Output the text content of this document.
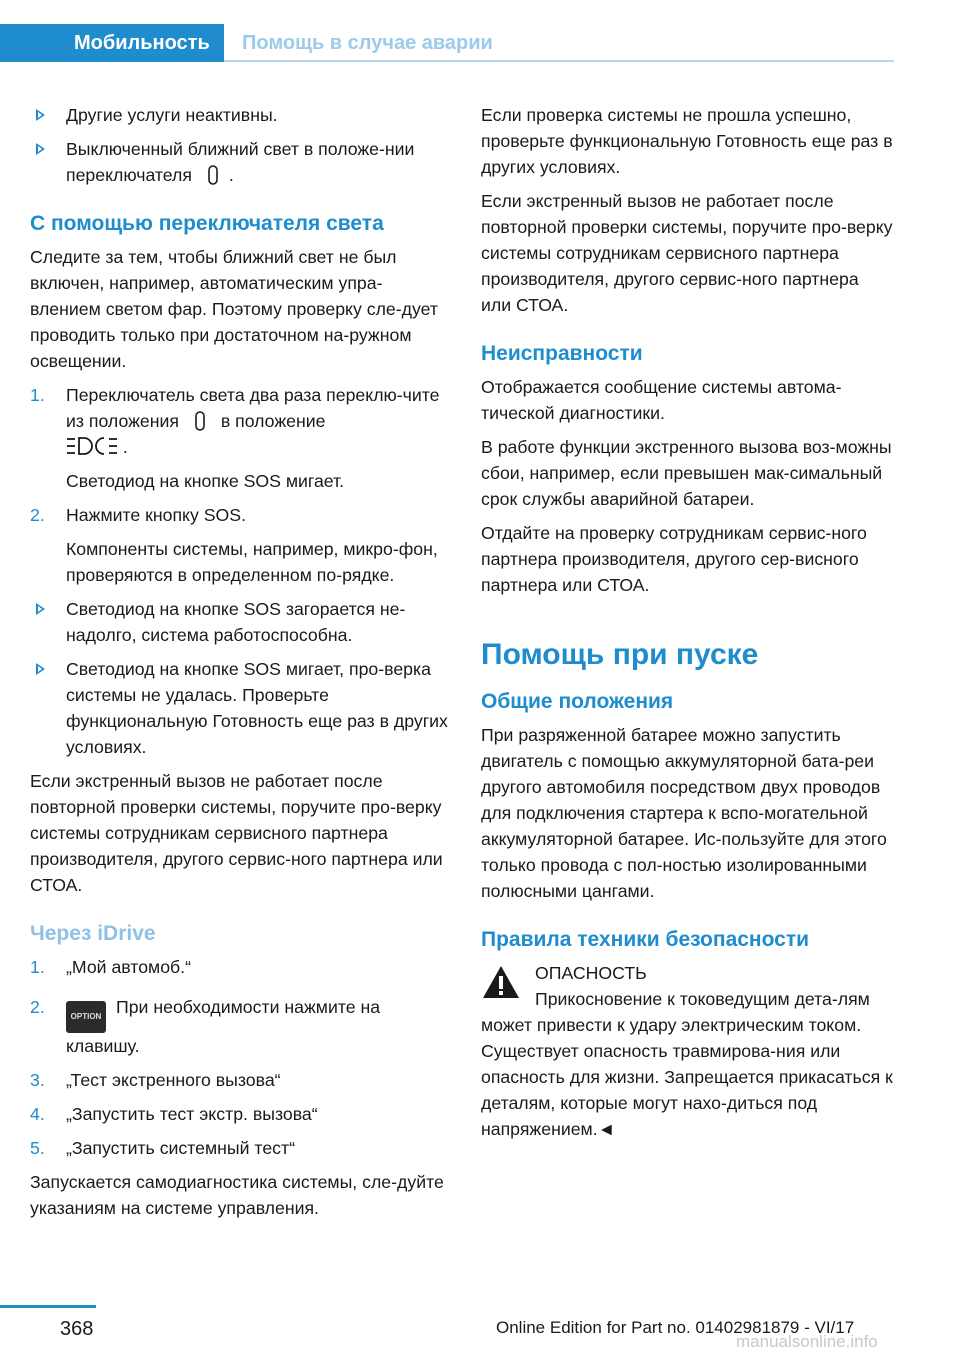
Мобильность	Помощь в случае аварии
Другие услуги неактивны.
Выключенный ближний свет в положе-нии переключателя .
С помощью переключателя света

Следите за тем, чтобы ближний свет не был включен, например, автоматическим упра-влением светом фар. Поэтому проверку сле-дует проводить только при достаточном на-ружном освещении.

1. Переключатель света два раза переклю-чите из положения в положение
.
Светодиод на кнопке SOS мигает.
2. Нажмите кнопку SOS.
Компоненты системы, например, микро-фон, проверяются в определенном по-рядке.
Светодиод на кнопке SOS загорается не-надолго, система работоспособна.
Светодиод на кнопке SOS мигает, про-верка системы не удалась. Проверьте функциональную Готовность еще раз в других условиях.

Если экстренный вызов не работает после повторной проверки системы, поручите про-верку системы сотрудникам сервисного партнера производителя, другого сервис-ного партнера или СТОА.

Через iDrive
1. „Мой автомоб.“
2.	OPTION При необходимости нажмите на клавишу.
3. „Тест экстренного вызова“
4. „Запустить тест экстр. вызова“
5. „Запустить системный тест“

Запускается самодиагностика системы, сле-дуйте указаниям на системе управления.

Если проверка системы не прошла успешно, проверьте функциональную Готовность еще раз в других условиях.

Если экстренный вызов не работает после повторной проверки системы, поручите про-верку системы сотрудникам сервисного партнера производителя, другого сервис-ного партнера или СТОА.

Неисправности

Отображается сообщение системы автома-тической диагностики.

В работе функции экстренного вызова воз-можны сбои, например, если превышен мак-симальный срок службы аварийной батареи.

Отдайте на проверку сотрудникам сервис-ного партнера производителя, другого сер-висного партнера или СТОА.

Помощь при пуске
Общие положения

При разряженной батарее можно запустить двигатель с помощью аккумуляторной бата-реи другого автомобиля посредством двух проводов для подключения стартера к вспо-могательной аккумуляторной батарее. Ис-пользуйте для этого только провода с пол-ностью изолированными полюсными цангами.

Правила техники безопасности
ОПАСНОСТЬ

Прикосновение к токоведущим дета-лям может привести к удару электрическим током. Существует опасность травмирова-ния или опасность для жизни. Запрещается прикасаться к деталям, которые могут нахо-диться под напряжением.◄

368	Online Edition for Part no. 01402981879 - VI/17
manualsonline.info
